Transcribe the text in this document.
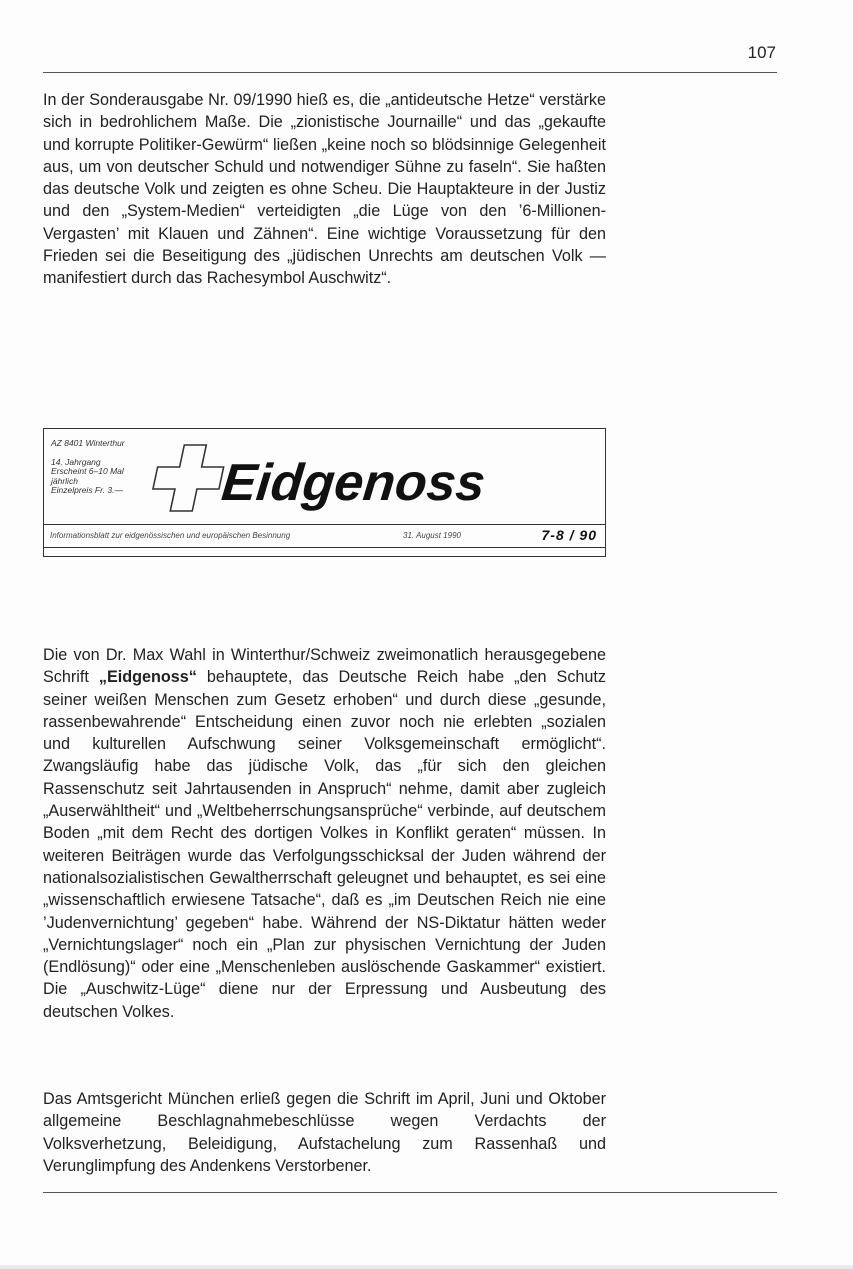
107

In der Sonderausgabe Nr. 09/1990 hieß es, die „antideutsche Hetze“ verstärke sich in bedrohlichem Maße. Die „zionistische Journaille“ und das „gekaufte und korrupte Politiker-Gewürm“ ließen „keine noch so blödsinnige Gelegenheit aus, um von deutscher Schuld und notwendiger Sühne zu faseln“. Sie haßten das deutsche Volk und zeigten es ohne Scheu. Die Hauptakteure in der Justiz und den „System-Medien“ verteidigten „die Lüge von den ’6-Millionen-Vergasten’ mit Klauen und Zähnen“. Eine wichtige Voraussetzung für den Frieden sei die Beseitigung des „jüdischen Unrechts am deutschen Volk — manifestiert durch das Rachesymbol Auschwitz“.

AZ 8401 Winterthur
14. Jahrgang
Erscheint 6–10 Mal
jährlich
Einzelpreis Fr. 3.—	Eidgenoss
Informationsblatt zur eidgenössischen und europäischen Besinnung	31. August 1990	7-8 / 90

Die von Dr. Max Wahl in Winterthur/Schweiz zweimonatlich herausgegebene Schrift „Eidgenoss“ behauptete, das Deutsche Reich habe „den Schutz seiner weißen Menschen zum Gesetz erhoben“ und durch diese „gesunde, rassenbewahrende“ Entscheidung einen zuvor noch nie erlebten „sozialen und kulturellen Aufschwung seiner Volksgemeinschaft ermöglicht“. Zwangsläufig habe das jüdische Volk, das „für sich den gleichen Rassenschutz seit Jahrtausenden in Anspruch“ nehme, damit aber zugleich „Auserwähltheit“ und „Weltbeherrschungsansprüche“ verbinde, auf deutschem Boden „mit dem Recht des dortigen Volkes in Konflikt geraten“ müssen. In weiteren Beiträgen wurde das Verfolgungsschicksal der Juden während der nationalsozialistischen Gewaltherrschaft geleugnet und behauptet, es sei eine „wissenschaftlich erwiesene Tatsache“, daß es „im Deutschen Reich nie eine ’Judenvernichtung’ gegeben“ habe. Während der NS-Diktatur hätten weder „Vernichtungslager“ noch ein „Plan zur physischen Vernichtung der Juden (Endlösung)“ oder eine „Menschenleben auslöschende Gaskammer“ existiert. Die „Auschwitz-Lüge“ diene nur der Erpressung und Ausbeutung des deutschen Volkes.

Das Amtsgericht München erließ gegen die Schrift im April, Juni und Oktober allgemeine Beschlagnahmebeschlüsse wegen Verdachts der Volksverhetzung, Beleidigung, Aufstachelung zum Rassenhaß und Verunglimpfung des Andenkens Verstorbener.
